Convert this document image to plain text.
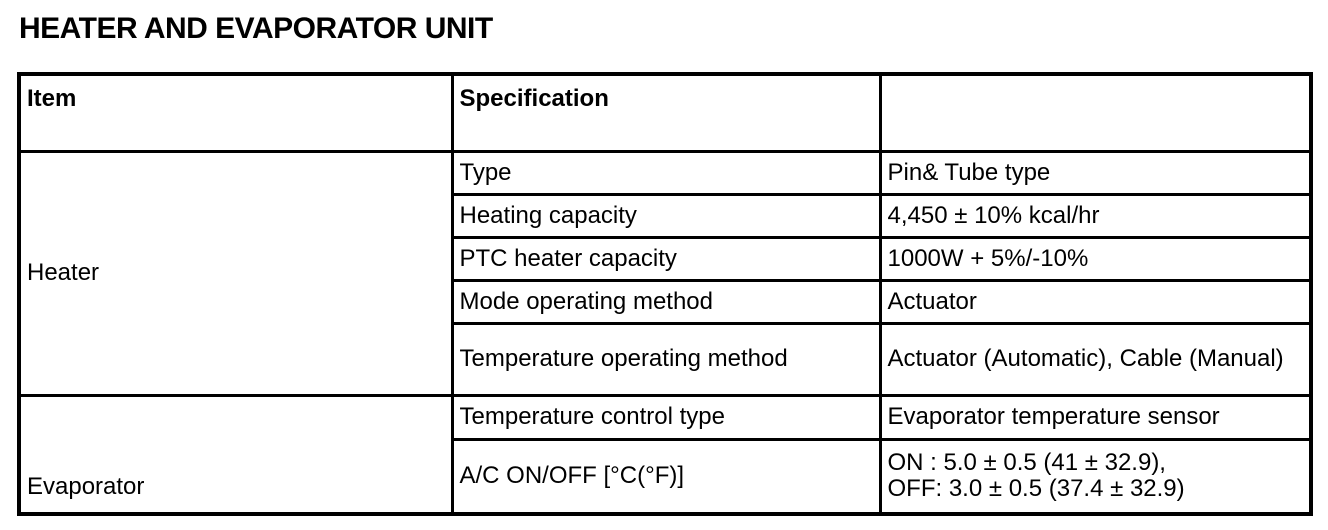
HEATER AND EVAPORATOR UNIT
Item	Specification	
Heater	Type	Pin& Tube type
	Heating capacity	4,450 ± 10% kcal/hr
	PTC heater capacity	1000W + 5%/-10%
	Mode operating method	Actuator
	Temperature operating method	Actuator (Automatic), Cable (Manual)
Evaporator	Temperature control type	Evaporator temperature sensor
	A/C ON/OFF [°C(°F)]	ON : 5.0 ± 0.5 (41 ± 32.9),
OFF: 3.0 ± 0.5 (37.4 ± 32.9)
